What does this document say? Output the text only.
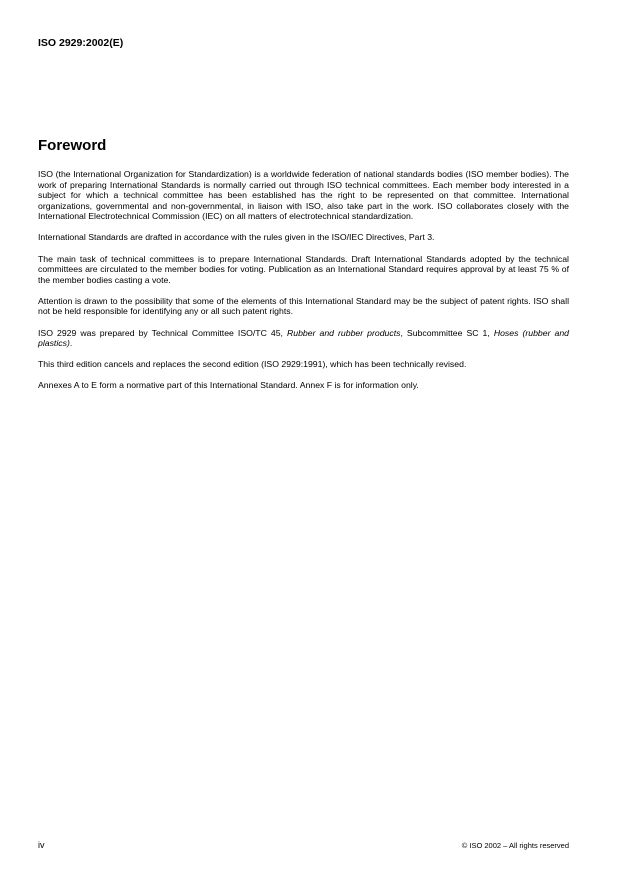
ISO 2929:2002(E)
Foreword

ISO (the International Organization for Standardization) is a worldwide federation of national standards bodies (ISO member bodies). The work of preparing International Standards is normally carried out through ISO technical committees. Each member body interested in a subject for which a technical committee has been established has the right to be represented on that committee. International organizations, governmental and non-governmental, in liaison with ISO, also take part in the work. ISO collaborates closely with the International Electrotechnical Commission (IEC) on all matters of electrotechnical standardization.

International Standards are drafted in accordance with the rules given in the ISO/IEC Directives, Part 3.

The main task of technical committees is to prepare International Standards. Draft International Standards adopted by the technical committees are circulated to the member bodies for voting. Publication as an International Standard requires approval by at least 75 % of the member bodies casting a vote.

Attention is drawn to the possibility that some of the elements of this International Standard may be the subject of patent rights. ISO shall not be held responsible for identifying any or all such patent rights.

ISO 2929 was prepared by Technical Committee ISO/TC 45, Rubber and rubber products, Subcommittee SC 1, Hoses (rubber and plastics).

This third edition cancels and replaces the second edition (ISO 2929:1991), which has been technically revised.

Annexes A to E form a normative part of this International Standard. Annex F is for information only.

iv	© ISO 2002 – All rights reserved
